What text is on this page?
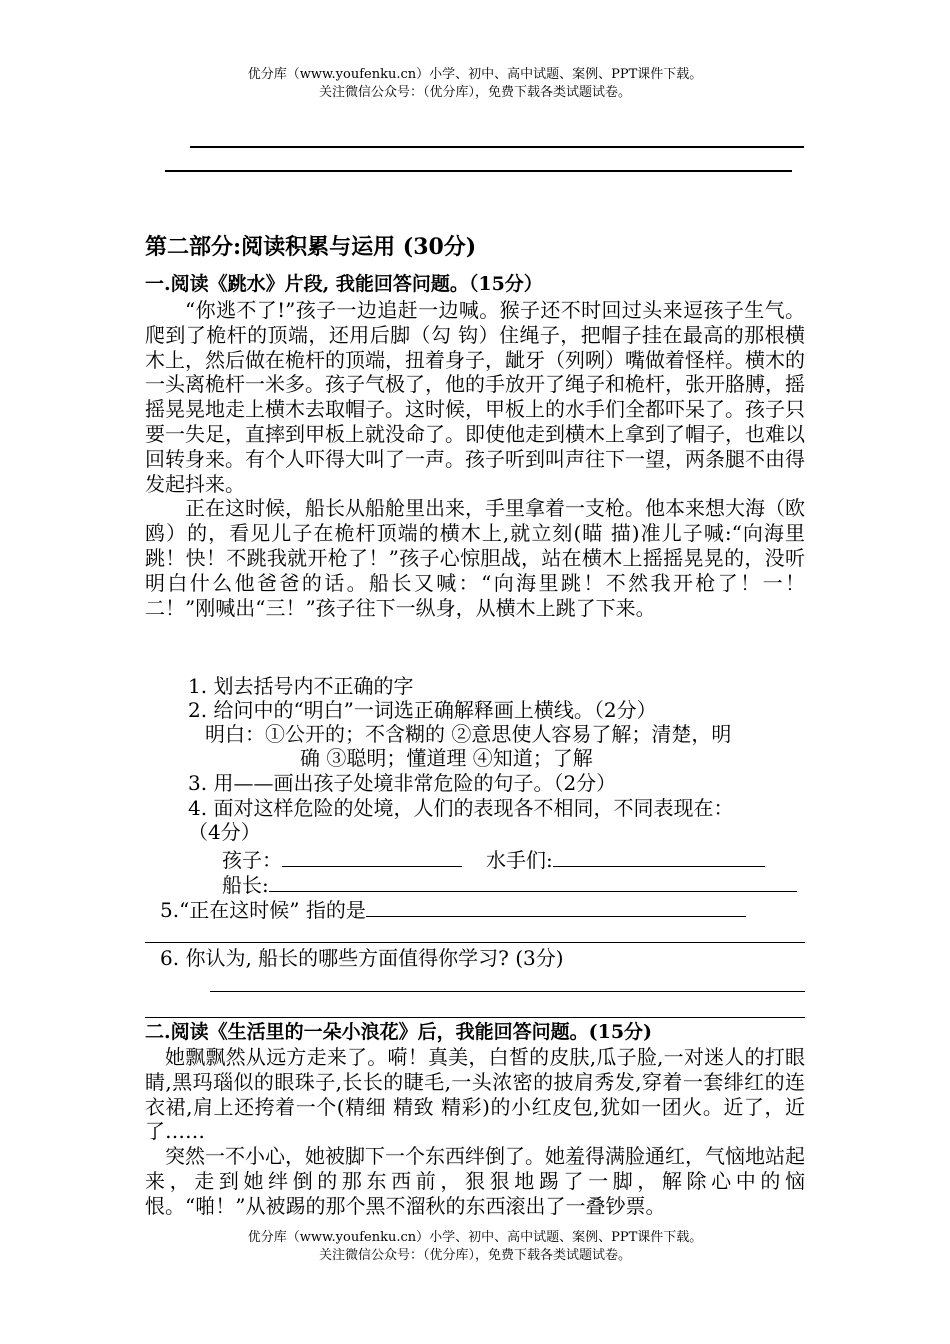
优分库（www.youfenku.cn）小学、初中、高中试题、案例、PPT课件下载。
关注微信公众号：（优分库），免费下载各类试题试卷。
第二部分:阅读积累与运用 (30分)
一.阅读《跳水》片段, 我能回答问题。（15分）

“你逃不了!”孩子一边追赶一边喊。猴子还不时回过头来逗孩子生气。爬到了桅杆的顶端，还用后脚（勾 钩）住绳子，把帽子挂在最高的那根横木上，然后做在桅杆的顶端，扭着身子，龇牙（列咧）嘴做着怪样。横木的一头离桅杆一米多。孩子气极了，他的手放开了绳子和桅杆，张开胳膊，摇摇晃晃地走上横木去取帽子。这时候，甲板上的水手们全都吓呆了。孩子只要一失足，直摔到甲板上就没命了。即使他走到横木上拿到了帽子，也难以回转身来。有个人吓得大叫了一声。孩子听到叫声往下一望，两条腿不由得发起抖来。

正在这时候，船长从船舱里出来，手里拿着一支枪。他本来想大海（欧 鸥）的，看见儿子在桅杆顶端的横木上,就立刻(瞄 描)准儿子喊:“向海里跳！快！不跳我就开枪了！”孩子心惊胆战，站在横木上摇摇晃晃的，没听明白什么他爸爸的话。船长又喊：“向海里跳！不然我开枪了！一！二！”刚喊出“三！”孩子往下一纵身，从横木上跳了下来。

1. 划去括号内不正确的字
2. 给问中的“明白”一词选正确解释画上横线。（2分）
明白：①公开的；不含糊的 ②意思使人容易了解；清楚，明
确 ③聪明；懂道理 ④知道；了解
3. 用——画出孩子处境非常危险的句子。（2分）
4. 面对这样危险的处境，人们的表现各不相同，不同表现在：
（4分）
孩子：	水手们:
船长:
5.“正在这时候” 指的是
6. 你认为, 船长的哪些方面值得你学习? (3分)
二.阅读《生活里的一朵小浪花》后，我能回答问题。(15分)

她飘飘然从远方走来了。嗬！真美，白皙的皮肤,瓜子脸,一对迷人的打眼睛,黑玛瑙似的眼珠子,长长的睫毛,一头浓密的披肩秀发,穿着一套绯红的连衣裙,肩上还挎着一个(精细 精致 精彩)的小红皮包,犹如一团火。近了，近了……

突然一不小心，她被脚下一个东西绊倒了。她羞得满脸通红，气恼地站起来，走到她绊倒的那东西前，狠狠地踢了一脚，解除心中的恼恨。“啪！”从被踢的那个黑不溜秋的东西滚出了一叠钞票。

优分库（www.youfenku.cn）小学、初中、高中试题、案例、PPT课件下载。
关注微信公众号：（优分库），免费下载各类试题试卷。
